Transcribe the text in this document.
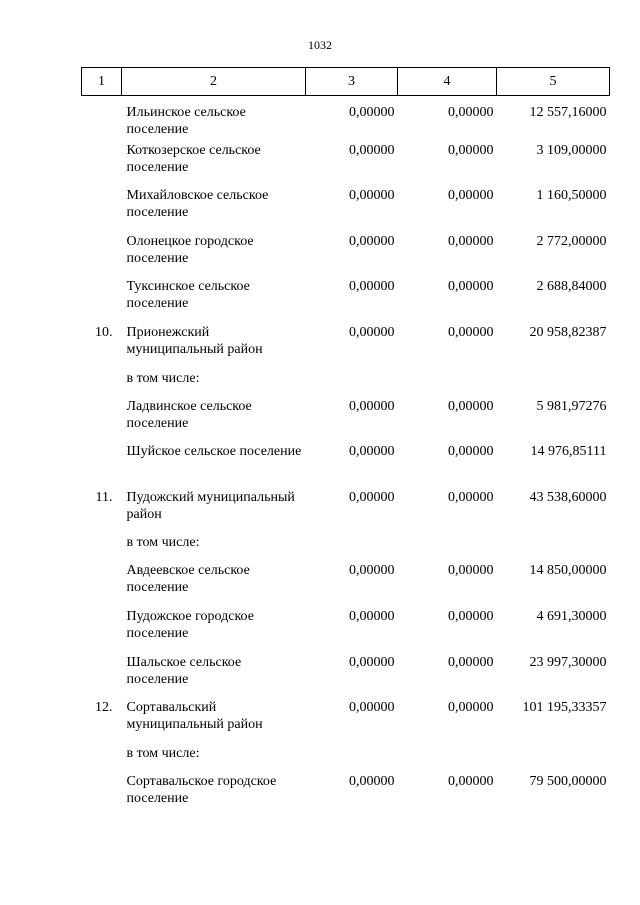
1032
1	2	3	4	5
	Ильинское сельское поселение	0,00000	0,00000	12 557,16000
	Коткозерское сельское поселение	0,00000	0,00000	3 109,00000
	Михайловское сельское поселение	0,00000	0,00000	1 160,50000
	Олонецкое городское поселение	0,00000	0,00000	2 772,00000
	Туксинское сельское поселение	0,00000	0,00000	2 688,84000
10.	Прионежский муниципальный район	0,00000	0,00000	20 958,82387
	в том числе:			
	Ладвинское сельское поселение	0,00000	0,00000	5 981,97276
	Шуйское сельское поселение	0,00000	0,00000	14 976,85111
11.	Пудожский муниципальный район	0,00000	0,00000	43 538,60000
	в том числе:			
	Авдеевское сельское поселение	0,00000	0,00000	14 850,00000
	Пудожское городское поселение	0,00000	0,00000	4 691,30000
	Шальское сельское поселение	0,00000	0,00000	23 997,30000
12.	Сортавальский муниципальный район	0,00000	0,00000	101 195,33357
	в том числе:			
	Сортавальское городское поселение	0,00000	0,00000	79 500,00000
